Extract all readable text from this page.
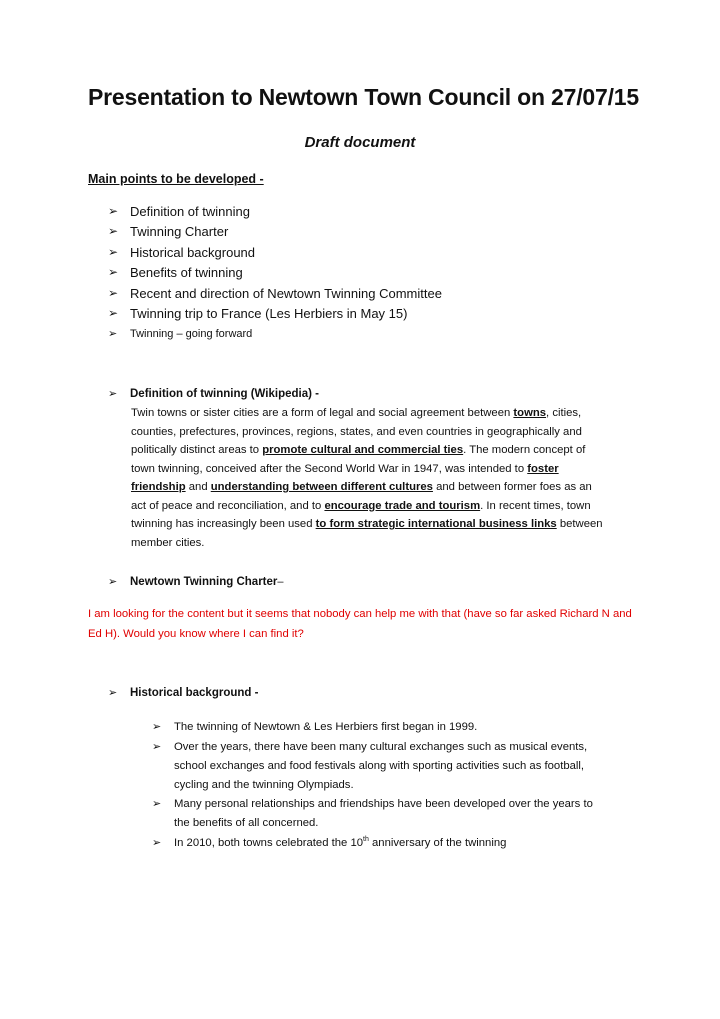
Presentation to Newtown Town Council on 27/07/15
Draft document
Main points to be developed -
➢ Definition of twinning
➢ Twinning Charter
➢ Historical background
➢ Benefits of twinning
➢ Recent and direction of Newtown Twinning Committee
➢ Twinning trip to France (Les Herbiers in May 15)
➢	Twinning – going forward
➢	Definition of twinning (Wikipedia) -
Twin towns or sister cities are a form of legal and social agreement between towns, cities,
counties, prefectures, provinces, regions, states, and even countries in geographically and
politically distinct areas to promote cultural and commercial ties. The modern concept of
town twinning, conceived after the Second World War in 1947, was intended to foster
friendship and understanding between different cultures and between former foes as an
act of peace and reconciliation, and to encourage trade and tourism. In recent times, town
twinning has increasingly been used to form strategic international business links between
member cities.
➢	Newtown Twinning Charter –
I am looking for the content but it seems that nobody can help me with that (have so far asked Richard N and Ed H). Would you know where I can find it?
➢	Historical background -
➢	The twinning of Newtown & Les Herbiers first began in 1999.
➢	Over the years, there have been many cultural exchanges such as musical events,
school exchanges and food festivals along with sporting activities such as football,
cycling and the twinning Olympiads.
➢	Many personal relationships and friendships have been developed over the years to
the benefits of all concerned.
➢	In 2010, both towns celebrated the 10th anniversary of the twinning
